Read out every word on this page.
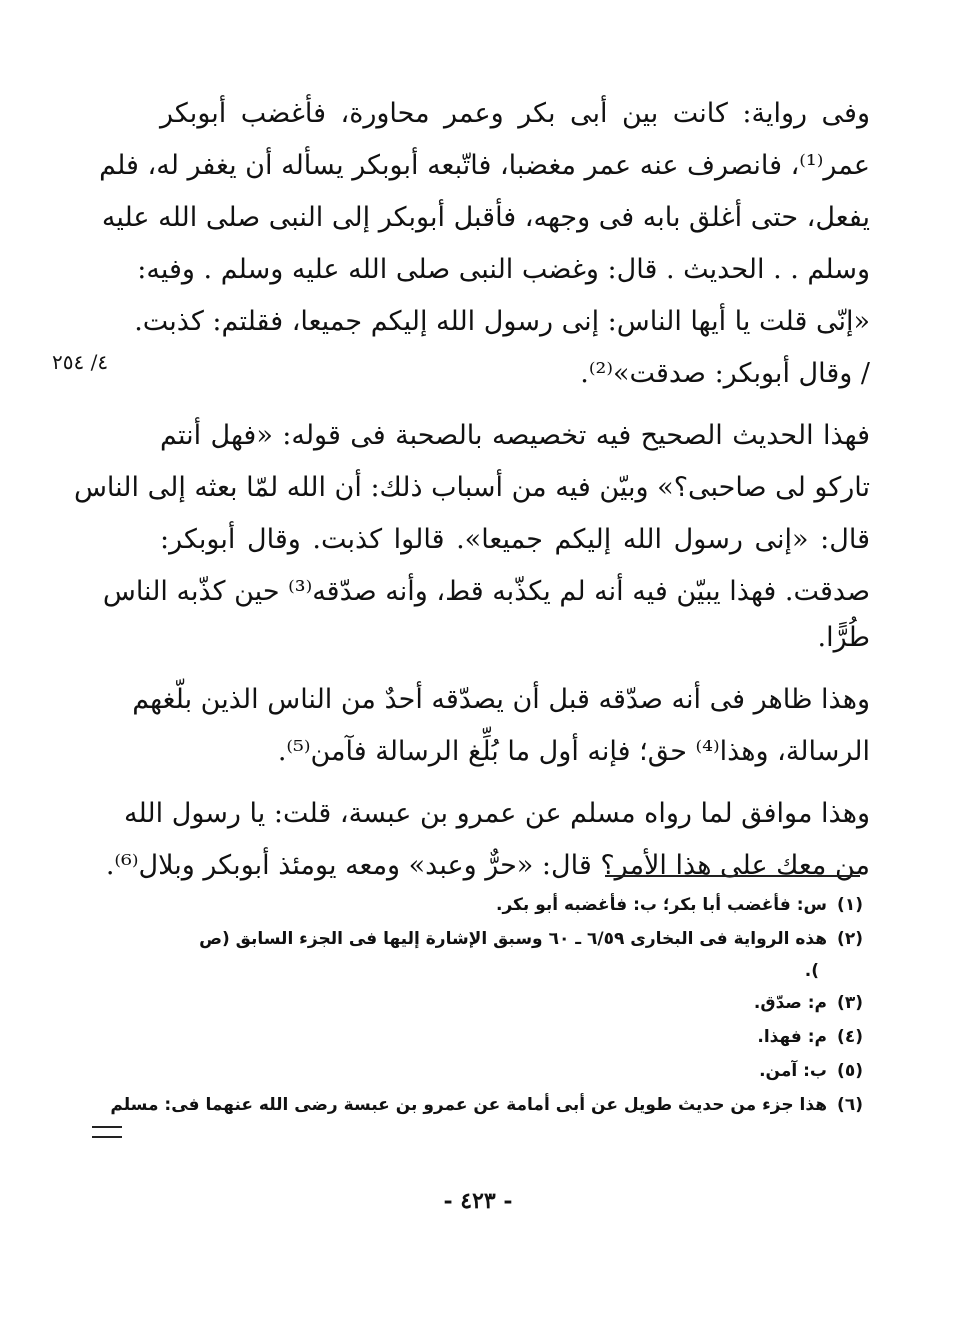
وفى رواية: كانت بين أبى بكر وعمر محاورة، فأغضب أبوبكر
عمر⁽¹⁾، فانصرف عنه عمر مغضبا، فاتّبعه أبوبكر يسأله أن يغفر له، فلم
يفعل، حتى أغلق بابه فى وجهه، فأقبل أبوبكر إلى النبى صلى الله عليه
وسلم . . الحديث . قال: وغضب النبى صلى الله عليه وسلم . وفيه:
«إنّى قلت يا أيها الناس: إنى رسول الله إليكم جميعا، فقلتم: كذبت.
/ وقال أبوبكر: صدقت»⁽²⁾.
فهذا الحديث الصحيح فيه تخصيصه بالصحبة فى قوله: «فهل أنتم
تاركو لى صاحبى؟» وبيّن فيه من أسباب ذلك: أن الله لمّا بعثه إلى الناس
قال: «إنى رسول الله إليكم جميعا». قالوا كذبت. وقال أبوبكر:
صدقت. فهذا يبيّن فيه أنه لم يكذّبه قط، وأنه صدّقه⁽³⁾ حين كذّبه الناس
طُرًّا.
وهذا ظاهر فى أنه صدّقه قبل أن يصدّقه أحدٌ من الناس الذين بلّغهم
الرسالة، وهذا⁽⁴⁾ حق؛ فإنه أول ما بُلِّغ الرسالة فآمن⁽⁵⁾.
وهذا موافق لما رواه مسلم عن عمرو بن عبسة، قلت: يا رسول الله
من معك على هذا الأمر؟ قال: «حرٌّ وعبد» ومعه يومئذ أبوبكر وبلال⁽⁶⁾.
٤/ ٢٥٤
(١)
س: فأغضب أبا بكر؛ ب: فأغضبه أبو بكر.
(٢)
هذه الرواية فى البخارى ٦/٥٩ ـ ٦٠ وسبق الإشارة إليها فى الجزء السابق (ص
).
(٣)
م: صدّق.
(٤)
م: فهذا.
(٥)
ب: آمن.
(٦)
هذا جزء من حديث طويل عن أبى أمامة عن عمرو بن عبسة رضى الله عنهما فى: مسلم
- ٤٢٣ -
